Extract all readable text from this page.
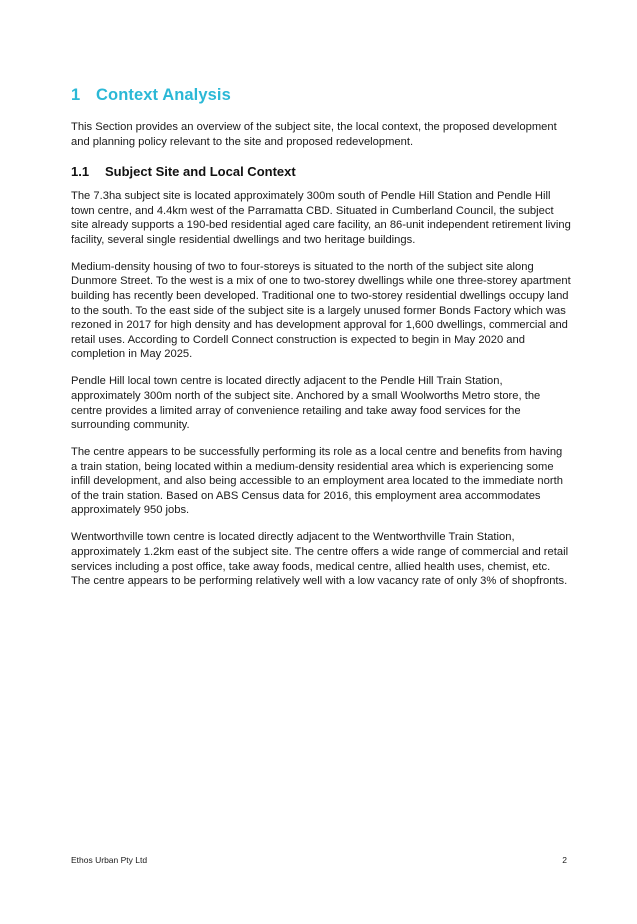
1 Context Analysis

This Section provides an overview of the subject site, the local context, the proposed development and planning policy relevant to the site and proposed redevelopment.

1.1 Subject Site and Local Context

The 7.3ha subject site is located approximately 300m south of Pendle Hill Station and Pendle Hill town centre, and 4.4km west of the Parramatta CBD. Situated in Cumberland Council, the subject site already supports a 190-bed residential aged care facility, an 86-unit independent retirement living facility, several single residential dwellings and two heritage buildings.

Medium-density housing of two to four-storeys is situated to the north of the subject site along Dunmore Street. To the west is a mix of one to two-storey dwellings while one three-storey apartment building has recently been developed. Traditional one to two-storey residential dwellings occupy land to the south. To the east side of the subject site is a largely unused former Bonds Factory which was rezoned in 2017 for high density and has development approval for 1,600 dwellings, commercial and retail uses. According to Cordell Connect construction is expected to begin in May 2020 and completion in May 2025.

Pendle Hill local town centre is located directly adjacent to the Pendle Hill Train Station, approximately 300m north of the subject site. Anchored by a small Woolworths Metro store, the centre provides a limited array of convenience retailing and take away food services for the surrounding community.

The centre appears to be successfully performing its role as a local centre and benefits from having a train station, being located within a medium-density residential area which is experiencing some infill development, and also being accessible to an employment area located to the immediate north of the train station. Based on ABS Census data for 2016, this employment area accommodates approximately 950 jobs.

Wentworthville town centre is located directly adjacent to the Wentworthville Train Station, approximately 1.2km east of the subject site. The centre offers a wide range of commercial and retail services including a post office, take away foods, medical centre, allied health uses, chemist, etc. The centre appears to be performing relatively well with a low vacancy rate of only 3% of shopfronts.

Ethos Urban Pty Ltd	2
